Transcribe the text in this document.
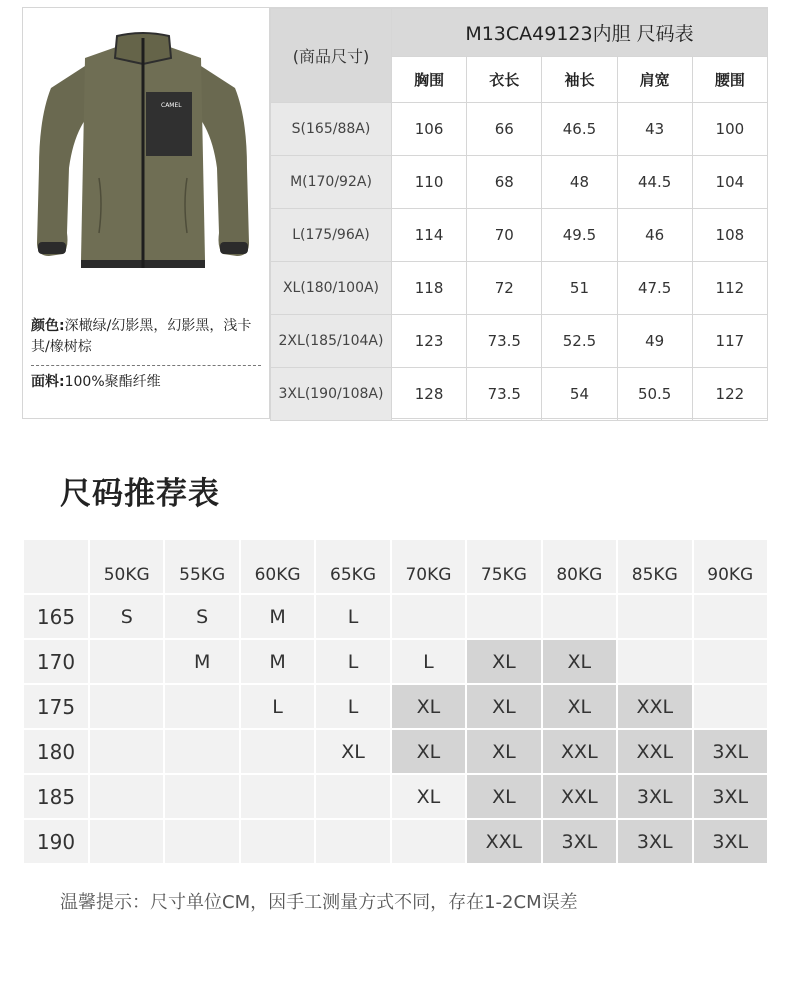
CAMEL
颜色:深橄绿/幻影黑，幻影黑，浅卡其/橡树棕
面料:100%聚酯纤维
(商品尺寸)	M13CA49123内胆 尺码表				
	胸围	衣长	袖长	肩宽	腰围
S(165/88A)	106	66	46.5	43	100
M(170/92A)	110	68	48	44.5	104
L(175/96A)	114	70	49.5	46	108
XL(180/100A)	118	72	51	47.5	112
2XL(185/104A)	123	73.5	52.5	49	117
3XL(190/108A)	128	73.5	54	50.5	122
尺码推荐表
	50KG	55KG	60KG	65KG	70KG	75KG	80KG	85KG	90KG
165	S	S	M	L					
170		M	M	L	L	XL	XL		
175			L	L	XL	XL	XL	XXL	
180				XL	XL	XL	XXL	XXL	3XL
185					XL	XL	XXL	3XL	3XL
190						XXL	3XL	3XL	3XL
温馨提示：尺寸单位CM，因手工测量方式不同，存在1-2CM误差
